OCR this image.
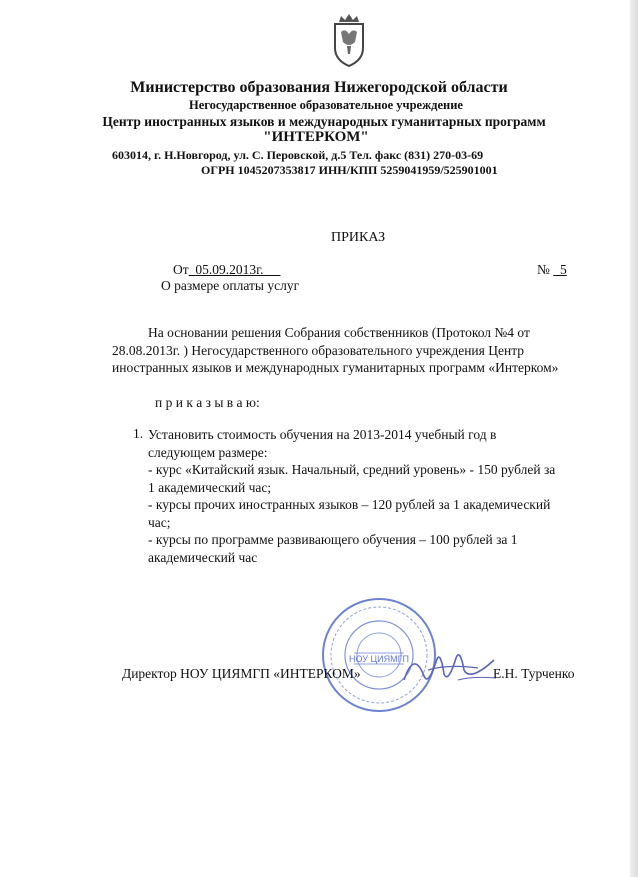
Министерство образования Нижегородской области
Негосударственное образовательное учреждение
Центр иностранных языков и международных гуманитарных программ
"ИНТЕРКОМ"
603014, г. Н.Новгород, ул. С. Перовской, д.5 Тел. факс (831) 270-03-69
ОГРН 1045207353817 ИНН/КПП 5259041959/525901001
ПРИКАЗ
От 05.09.2013г.	№ 5
О размере оплаты услуг
На основании решения Собрания собственников (Протокол №4 от
28.08.2013г. ) Негосударственного образовательного учреждения Центр
иностранных языков и международных гуманитарных программ «Интерком»
п р и к а з ы в а ю:
1. Установить стоимость обучения на 2013-2014 учебный год в
следующем размере:
- курс «Китайский язык. Начальный, средний уровень» - 150 рублей за
1 академический час;
- курсы прочих иностранных языков – 120 рублей за 1 академический
час;
- курсы по программе развивающего обучения – 100 рублей за 1
академический час
НОУ ЦИЯМГП
Директор НОУ ЦИЯМГП «ИНТЕРКОМ»	Е.Н. Турченко
